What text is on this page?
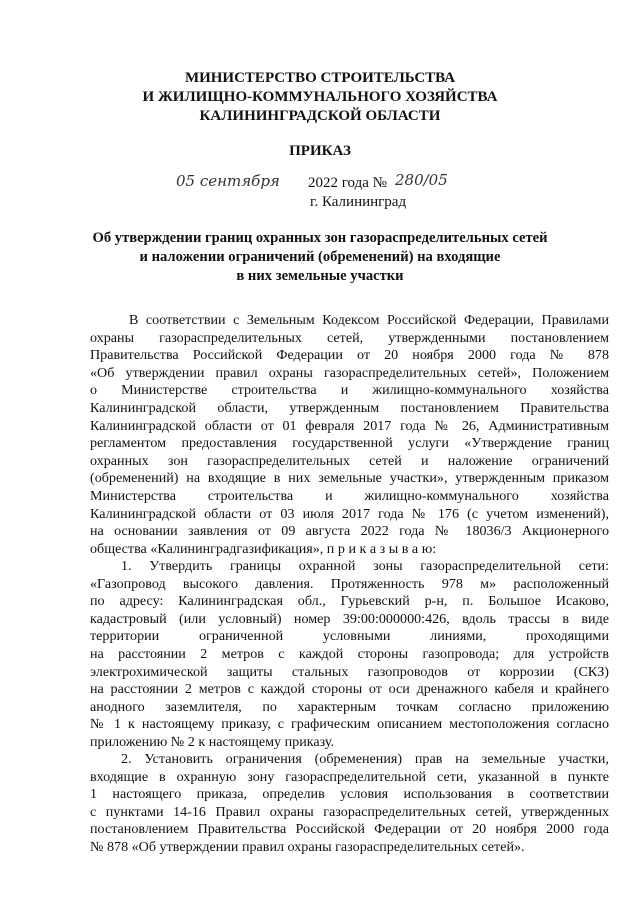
МИНИСТЕРСТВО СТРОИТЕЛЬСТВА
И ЖИЛИЩНО-КОММУНАЛЬНОГО ХОЗЯЙСТВА
КАЛИНИНГРАДСКОЙ ОБЛАСТИ
ПРИКАЗ
05 сентября 2022 года № 280/05
г. Калининград
Об утверждении границ охранных зон газораспределительных сетей
и наложении ограничений (обременений) на входящие
в них земельные участки
В соответствии с Земельным Кодексом Российской Федерации, Правилами
охраны газораспределительных сетей, утвержденными постановлением
Правительства Российской Федерации от 20 ноября 2000 года № 878
«Об утверждении правил охраны газораспределительных сетей», Положением
о Министерстве строительства и жилищно-коммунального хозяйства
Калининградской области, утвержденным постановлением Правительства
Калининградской области от 01 февраля 2017 года № 26, Административным
регламентом предоставления государственной услуги «Утверждение границ
охранных зон газораспределительных сетей и наложение ограничений
(обременений) на входящие в них земельные участки», утвержденным приказом
Министерства строительства и жилищно-коммунального хозяйства
Калининградской области от 03 июля 2017 года № 176 (с учетом изменений),
на основании заявления от 09 августа 2022 года № 18036/3 Акционерного
общества «Калининградгазификация», п р и к а з ы в а ю:
1. Утвердить границы охранной зоны газораспределительной сети:
«Газопровод высокого давления. Протяженность 978 м» расположенный
по адресу: Калининградская обл., Гурьевский р-н, п. Большое Исаково,
кадастровый (или условный) номер 39:00:000000:426, вдоль трассы в виде
территории ограниченной условными линиями, проходящими
на расстоянии 2 метров с каждой стороны газопровода; для устройств
электрохимической защиты стальных газопроводов от коррозии (СКЗ)
на расстоянии 2 метров с каждой стороны от оси дренажного кабеля и крайнего
анодного заземлителя, по характерным точкам согласно приложению
№ 1 к настоящему приказу, с графическим описанием местоположения согласно
приложению № 2 к настоящему приказу.
2. Установить ограничения (обременения) прав на земельные участки,
входящие в охранную зону газораспределительной сети, указанной в пункте
1 настоящего приказа, определив условия использования в соответствии
с пунктами 14-16 Правил охраны газораспределительных сетей, утвержденных
постановлением Правительства Российской Федерации от 20 ноября 2000 года
№ 878 «Об утверждении правил охраны газораспределительных сетей».
